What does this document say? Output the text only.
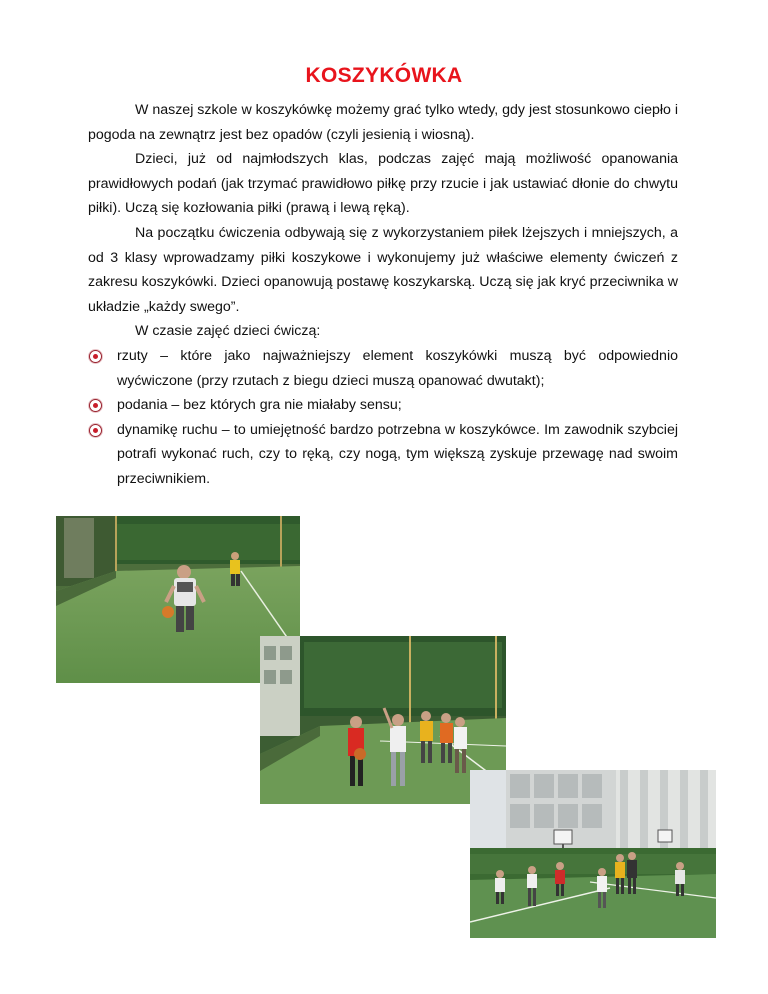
KOSZYKÓWKA

W naszej szkole w koszykówkę możemy grać tylko wtedy, gdy jest stosunkowo ciepło i pogoda na zewnątrz jest bez opadów (czyli jesienią i wiosną).

Dzieci, już od najmłodszych klas, podczas zajęć mają możliwość opanowania prawidłowych podań (jak trzymać prawidłowo piłkę przy rzucie i jak ustawiać dłonie do chwytu piłki). Uczą się kozłowania piłki (prawą i lewą ręką).

Na początku ćwiczenia odbywają się z wykorzystaniem piłek lżejszych i mniejszych, a od 3 klasy wprowadzamy piłki koszykowe i wykonujemy już właściwe elementy ćwiczeń z zakresu koszykówki. Dzieci opanowują postawę koszykarską. Uczą się jak kryć przeciwnika w układzie „każdy swego”.

W czasie zajęć dzieci ćwiczą:

rzuty – które jako najważniejszy element koszykówki muszą być odpowiednio wyćwiczone (przy rzutach z biegu dzieci muszą opanować dwutakt);
podania – bez których gra nie miałaby sensu;
dynamikę ruchu – to umiejętność bardzo potrzebna w koszykówce. Im zawodnik szybciej potrafi wykonać ruch, czy to ręką, czy nogą, tym większą zyskuje przewagę nad swoim przeciwnikiem.
